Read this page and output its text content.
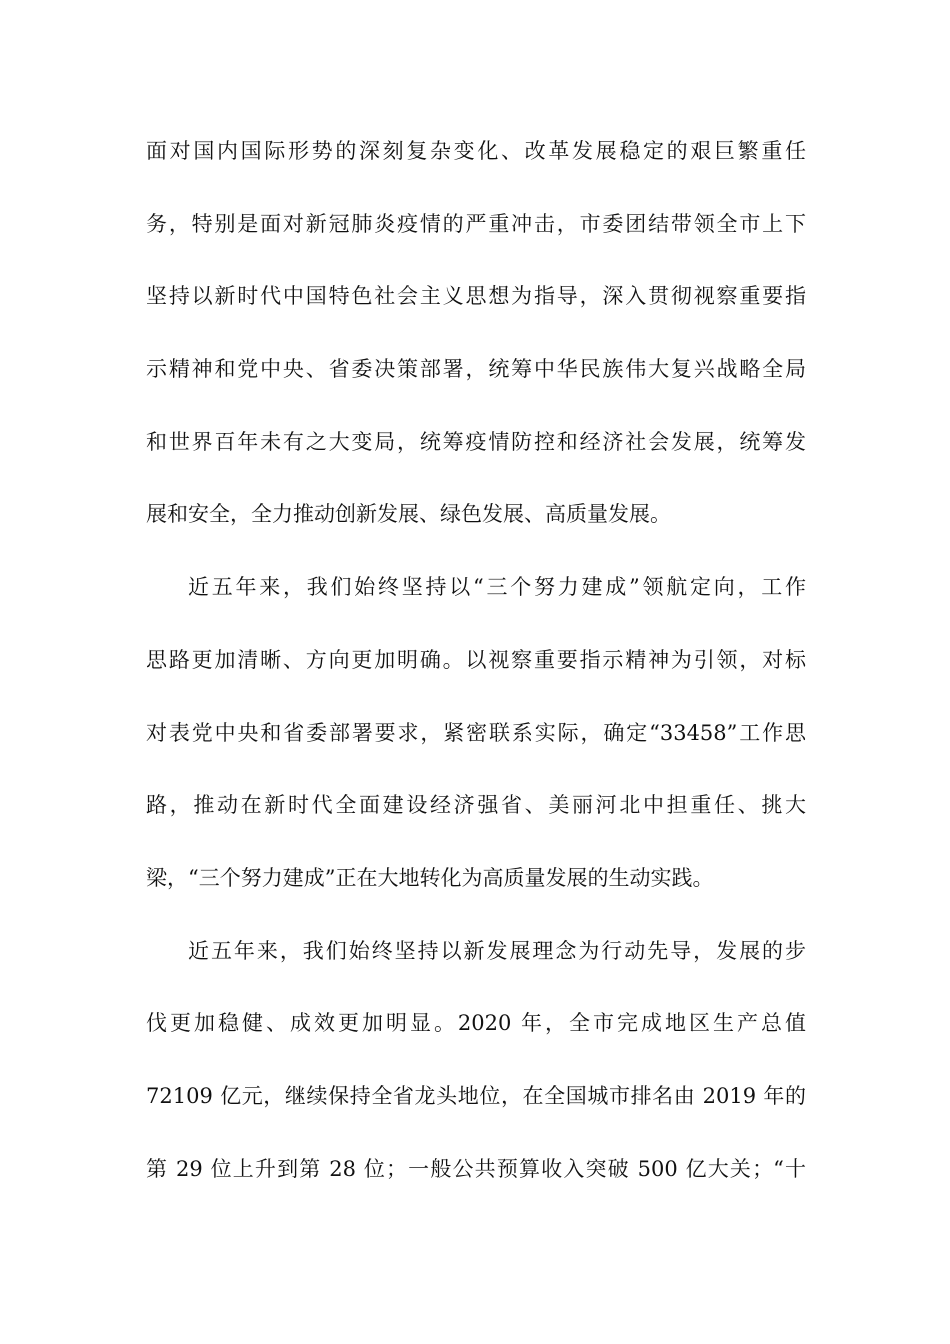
面对国内国际形势的深刻复杂变化、改革发展稳定的艰巨繁重任
务，特别是面对新冠肺炎疫情的严重冲击，市委团结带领全市上下
坚持以新时代中国特色社会主义思想为指导，深入贯彻视察重要指
示精神和党中央、省委决策部署，统筹中华民族伟大复兴战略全局
和世界百年未有之大变局，统筹疫情防控和经济社会发展，统筹发
展和安全，全力推动创新发展、绿色发展、高质量发展。
近五年来，我们始终坚持以“三个努力建成”领航定向，工作
思路更加清晰、方向更加明确。以视察重要指示精神为引领，对标
对表党中央和省委部署要求，紧密联系实际，确定“33458”工作思
路，推动在新时代全面建设经济强省、美丽河北中担重任、挑大
梁，“三个努力建成”正在大地转化为高质量发展的生动实践。
近五年来，我们始终坚持以新发展理念为行动先导，发展的步
伐更加稳健、成效更加明显。2020 年，全市完成地区生产总值
72109 亿元，继续保持全省龙头地位，在全国城市排名由 2019 年的
第 29 位上升到第 28 位；一般公共预算收入突破 500 亿大关；“十
